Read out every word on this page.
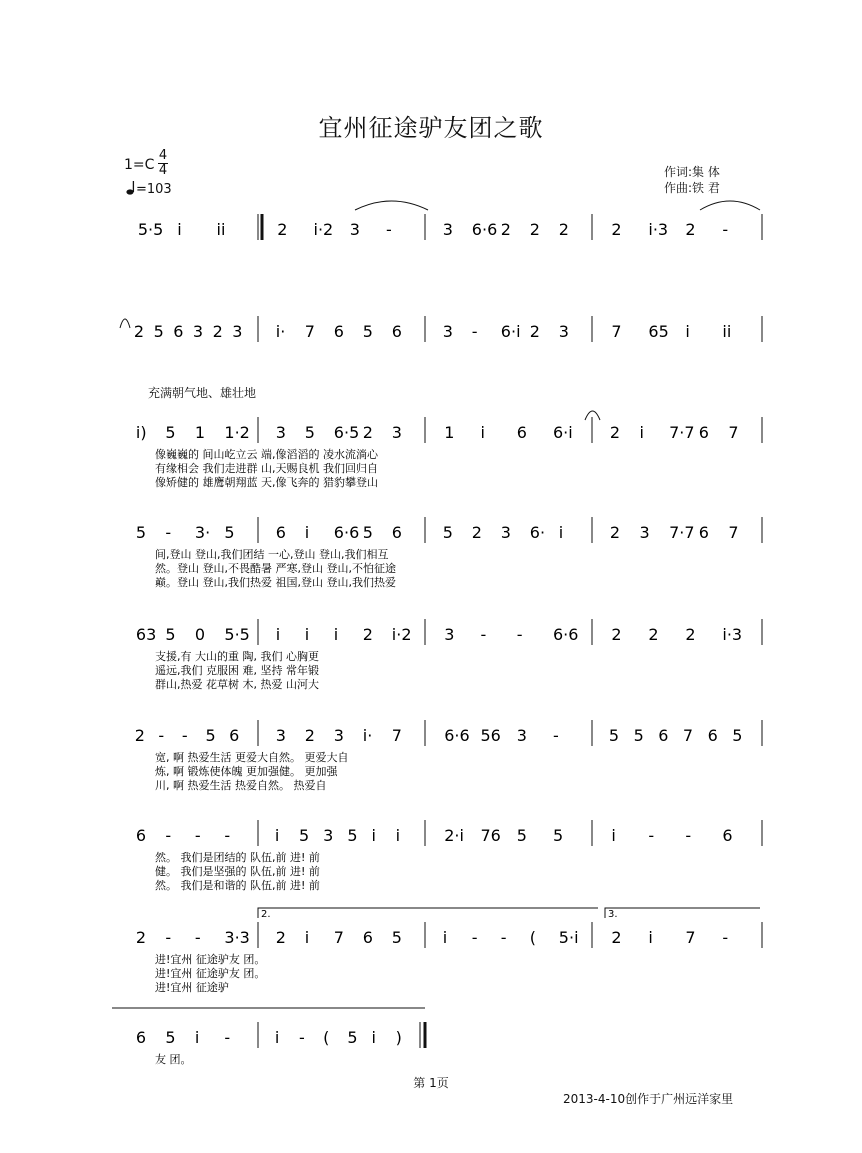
宜州征途驴友团之歌
1=C
4
4
=103
作词:集 体
作曲:铁 君
充满朝气地、雄壮地
第 1页
2013-4-10创作于广州远洋家里
5·5 i ii	2 i·2 3 -	3 6·6 2 2 2	2 i·3 2 -
2 5 6 3 2 3 i· 7 6 5 6	3 - 6·i 2 3	7 65 i ii
i) 5 1 1·2 3 5 6·5 2 3	1 i 6 6·i 2 i 7·7 6 7
像巍巍的 间山屹立云 端,像滔滔的 凌水流淌心
有缘相会 我们走进群 山,天赐良机 我们回归自
像矫健的 雄鹰朝翔蓝 天,像飞奔的 猎豹攀登山
5 - 3· 5	6 i 6·6 5 6	5 2 3 6· i	2 3 7·7 6 7
间,登山 登山,我们团结 一心,登山 登山,我们相互
然。登山 登山,不畏酷暑 严寒,登山 登山,不怕征途
巅。登山 登山,我们热爱 祖国,登山 登山,我们热爱
63 5 0 5·5 i i i 2 i·2 3 - - 6·6 2 2 2 i·3
支援,有 大山的重 陶, 我们 心胸更
遥远,我们 克服困 难, 坚持 常年锻
群山,热爱 花草树 木, 热爱 山河大
2 - - 5 6 3 2 3 i· 7	6·6 56 3 -	5 5 6 7 6 5
宽, 啊 热爱生活 更爱大自然。 更爱大自
炼, 啊 锻炼使体魄 更加强健。 更加强
川, 啊 热爱生活 热爱自然。 热爱自
6 - - -	i 5 3 5 i i	2·i 76 5 5	i - - 6
然。 我们是团结的 队伍,前 进! 前
健。 我们是坚强的 队伍,前 进! 前
然。 我们是和谐的 队伍,前 进! 前
2 - - 3·3 2 i 7 6 5	i - - ( 5·i 2 i 7 -
2.	3.
进!宜州 征途驴友 团。
进!宜州 征途驴友 团。
进!宜州 征途驴
6 5 i -	i - ( 5 i )
友 团。
